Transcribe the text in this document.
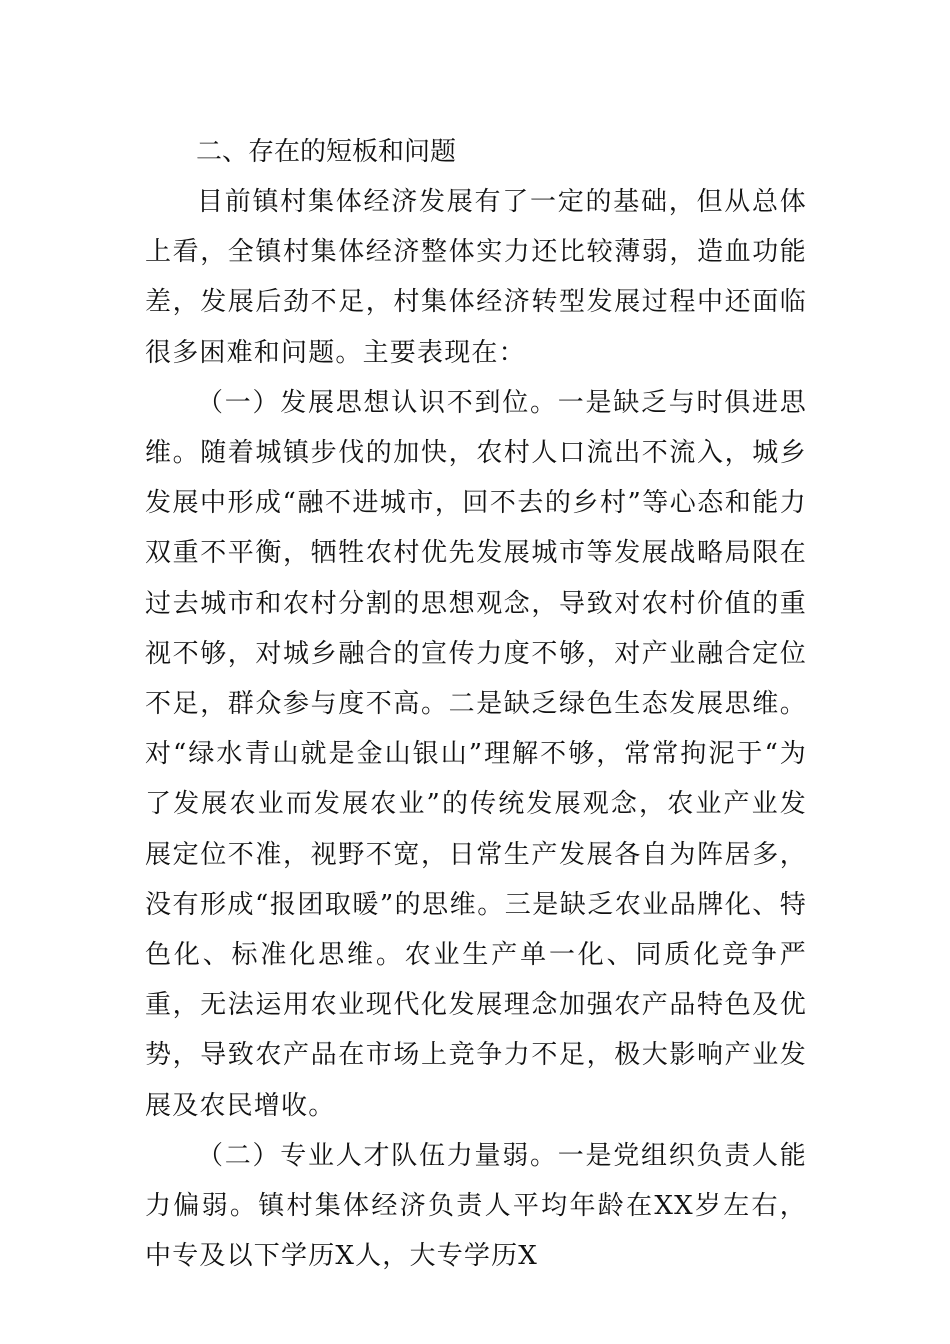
二、存在的短板和问题

目前镇村集体经济发展有了一定的基础，但从总体上看，全镇村集体经济整体实力还比较薄弱，造血功能差，发展后劲不足，村集体经济转型发展过程中还面临很多困难和问题。主要表现在：

（一）发展思想认识不到位。一是缺乏与时俱进思维。随着城镇步伐的加快，农村人口流出不流入，城乡发展中形成“融不进城市，回不去的乡村”等心态和能力双重不平衡，牺牲农村优先发展城市等发展战略局限在过去城市和农村分割的思想观念，导致对农村价值的重视不够，对城乡融合的宣传力度不够，对产业融合定位不足，群众参与度不高。二是缺乏绿色生态发展思维。对“绿水青山就是金山银山”理解不够，常常拘泥于“为了发展农业而发展农业”的传统发展观念，农业产业发展定位不准，视野不宽，日常生产发展各自为阵居多，没有形成“报团取暖”的思维。三是缺乏农业品牌化、特色化、标准化思维。农业生产单一化、同质化竞争严重，无法运用农业现代化发展理念加强农产品特色及优势，导致农产品在市场上竞争力不足，极大影响产业发展及农民增收。

（二）专业人才队伍力量弱。一是党组织负责人能力偏弱。镇村集体经济负责人平均年龄在XX岁左右，中专及以下学历X人，大专学历X
